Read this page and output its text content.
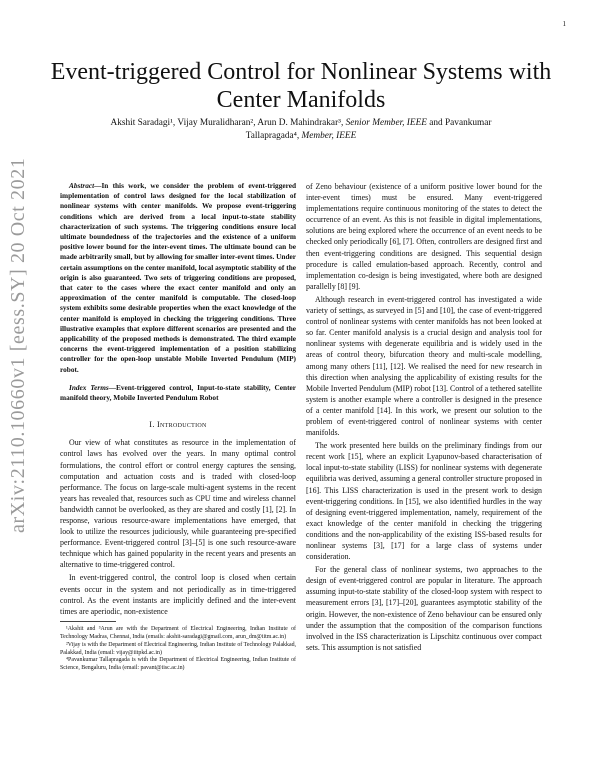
1
arXiv:2110.10660v1 [eess.SY] 20 Oct 2021
Event-triggered Control for Nonlinear Systems with Center Manifolds
Akshit Saradagi¹, Vijay Muralidharan², Arun D. Mahindrakar³, Senior Member, IEEE and Pavankumar
Tallapragada⁴, Member, IEEE

Abstract—In this work, we consider the problem of event-triggered implementation of control laws designed for the local stabilization of nonlinear systems with center manifolds. We propose event-triggering conditions which are derived from a local input-to-state stability characterization of such systems. The triggering conditions ensure local ultimate boundedness of the trajectories and the existence of a uniform positive lower bound for the inter-event times. The ultimate bound can be made arbitrarily small, but by allowing for smaller inter-event times. Under certain assumptions on the center manifold, local asymptotic stability of the origin is also guaranteed. Two sets of triggering conditions are proposed, that cater to the cases where the exact center manifold and only an approximation of the center manifold is computable. The closed-loop system exhibits some desirable properties when the exact knowledge of the center manifold is employed in checking the triggering conditions. Three illustrative examples that explore different scenarios are presented and the applicability of the proposed methods is demonstrated. The third example concerns the event-triggered implementation of a position stabilizing controller for the open-loop unstable Mobile Inverted Pendulum (MIP) robot.

Index Terms—Event-triggered control, Input-to-state stability, Center manifold theory, Mobile Inverted Pendulum Robot

I. Introduction

Our view of what constitutes as resource in the implementation of control laws has evolved over the years. In many optimal control formulations, the control effort or control energy captures the sensing, computation and actuation costs and is traded with closed-loop performance. The focus on large-scale multi-agent systems in the recent years has revealed that, resources such as CPU time and wireless channel bandwidth cannot be overlooked, as they are shared and costly [1], [2]. In response, various resource-aware implementations have emerged, that look to utilize the resources judiciously, while guaranteeing pre-specified performance. Event-triggered control [3]–[5] is one such resource-aware technique which has gained popularity in the recent years and presents an alternative to time-triggered control.

In event-triggered control, the control loop is closed when certain events occur in the system and not periodically as in time-triggered control. As the event instants are implicitly defined and the inter-event times are aperiodic, non-existence

¹Akshit and ³Arun are with the Department of Electrical Engineering, Indian Institute of Technology Madras, Chennai, India (emails: akshit-saradagi@gmail.com, arun_dm@iitm.ac.in)

²Vijay is with the Department of Electrical Engineering, Indian Institute of Technology Palakkad, Palakkad, India (email: vijay@iitpkd.ac.in)

⁴Pavankumar Tallapragada is with the Department of Electrical Engineering, Indian Institute of Science, Bengaluru, India (email: pavant@iisc.ac.in)

of Zeno behaviour (existence of a uniform positive lower bound for the inter-event times) must be ensured. Many event-triggered implementations require continuous monitoring of the states to detect the occurrence of an event. As this is not feasible in digital implementations, solutions are being explored where the occurrence of an event needs to be checked only periodically [6], [7]. Often, controllers are designed first and then event-triggering conditions are designed. This sequential design procedure is called emulation-based approach. Recently, control and implementation co-design is being investigated, where both are designed parallelly [8] [9].

Although research in event-triggered control has investigated a wide variety of settings, as surveyed in [5] and [10], the case of event-triggered control of nonlinear systems with center manifolds has not been looked at so far. Center manifold analysis is a crucial design and analysis tool for nonlinear systems with degenerate equilibria and is widely used in the areas of control theory, bifurcation theory and multi-scale modelling, among many others [11], [12]. We realised the need for new research in this direction when analysing the applicability of existing results for the Mobile Inverted Pendulum (MIP) robot [13]. Control of a tethered satellite system is another example where a controller is designed in the presence of a center manifold [14]. In this work, we present our solution to the problem of event-triggered control of nonlinear systems with center manifolds.

The work presented here builds on the preliminary findings from our recent work [15], where an explicit Lyapunov-based characterisation of local input-to-state stability (LISS) for nonlinear systems with degenerate equilibria was derived, assuming a general controller structure proposed in [16]. This LISS characterization is used in the present work to design event-triggering conditions. In [15], we also identified hurdles in the way of designing event-triggered implementation, namely, requirement of the exact knowledge of the center manifold in checking the triggering conditions and the non-applicability of the existing ISS-based results for nonlinear systems [3], [17] for a large class of systems under consideration.

For the general class of nonlinear systems, two approaches to the design of event-triggered control are popular in literature. The approach assuming input-to-state stability of the closed-loop system with respect to measurement errors [3], [17]–[20], guarantees asymptotic stability of the origin. However, the non-existence of Zeno behaviour can be ensured only under the assumption that the composition of the comparison functions involved in the ISS characterization is Lipschitz continuous over compact sets. This assumption is not satisfied
